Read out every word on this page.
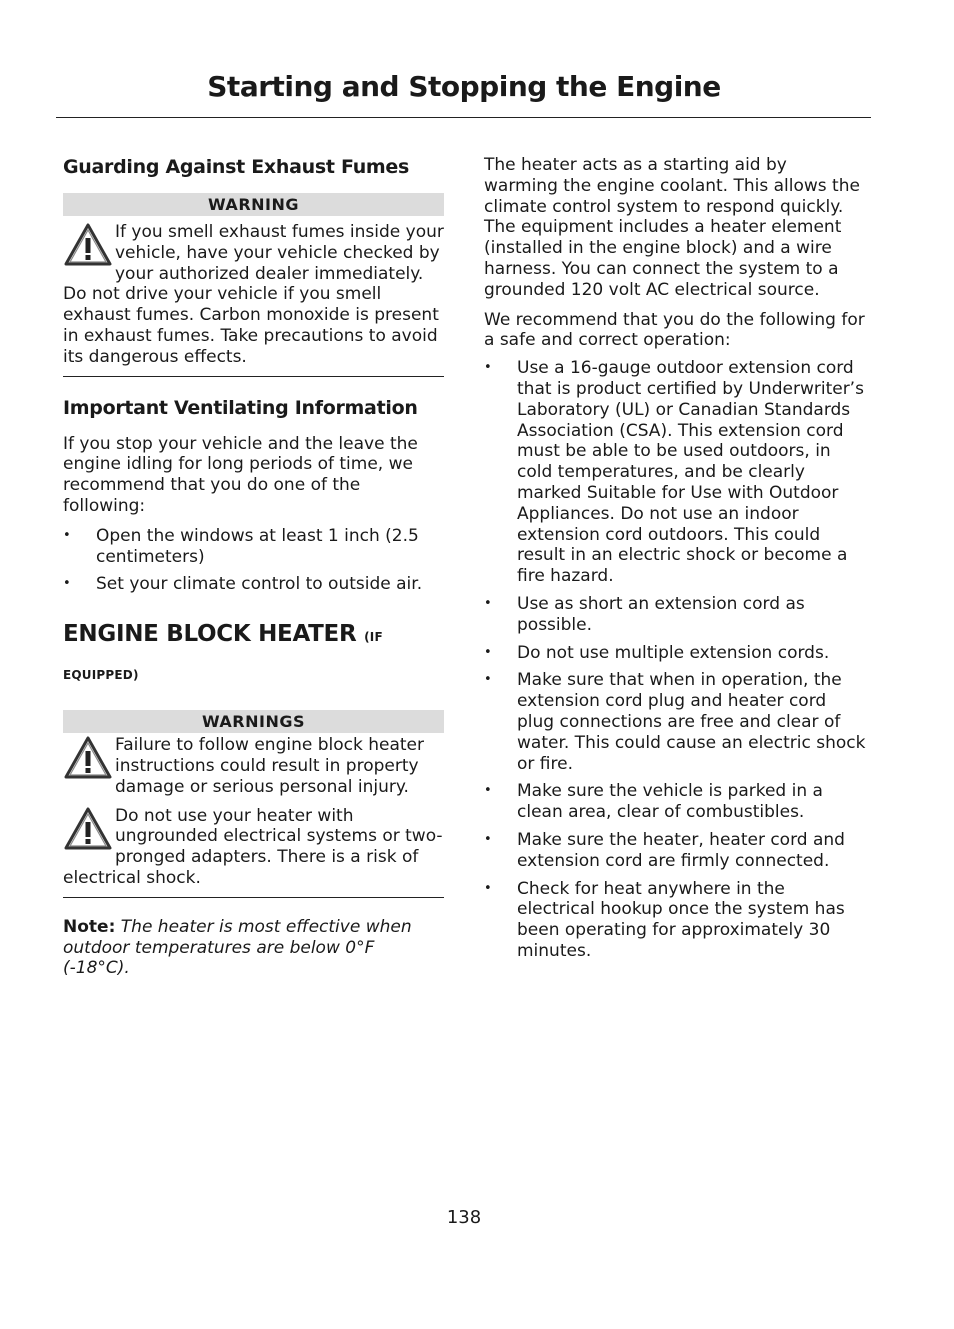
Starting and Stopping the Engine
Guarding Against Exhaust Fumes
WARNING

If you smell exhaust fumes inside your vehicle, have your vehicle checked by your authorized dealer immediately. Do not drive your vehicle if you smell exhaust fumes. Carbon monoxide is present in exhaust fumes. Take precautions to avoid its dangerous effects.

Important Ventilating Information

If you stop your vehicle and the leave the engine idling for long periods of time, we recommend that you do one of the following:

• Open the windows at least 1 inch (2.5 centimeters)
• Set your climate control to outside air.
ENGINE BLOCK HEATER (IF
EQUIPPED)
WARNINGS

Failure to follow engine block heater instructions could result in property damage or serious personal injury.

Do not use your heater with ungrounded electrical systems or two-pronged adapters. There is a risk of electrical shock.

Note: The heater is most effective when outdoor temperatures are below 0°F (-18°C).

The heater acts as a starting aid by warming the engine coolant. This allows the climate control system to respond quickly. The equipment includes a heater element (installed in the engine block) and a wire harness. You can connect the system to a grounded 120 volt AC electrical source.

We recommend that you do the following for a safe and correct operation:

• Use a 16-gauge outdoor extension cord that is product certified by Underwriter’s Laboratory (UL) or Canadian Standards Association (CSA). This extension cord must be able to be used outdoors, in cold temperatures, and be clearly marked Suitable for Use with Outdoor Appliances. Do not use an indoor extension cord outdoors. This could result in an electric shock or become a fire hazard.
• Use as short an extension cord as possible.
• Do not use multiple extension cords.
• Make sure that when in operation, the extension cord plug and heater cord plug connections are free and clear of water. This could cause an electric shock or fire.
• Make sure the vehicle is parked in a clean area, clear of combustibles.
• Make sure the heater, heater cord and extension cord are firmly connected.
• Check for heat anywhere in the electrical hookup once the system has been operating for approximately 30 minutes.
138
